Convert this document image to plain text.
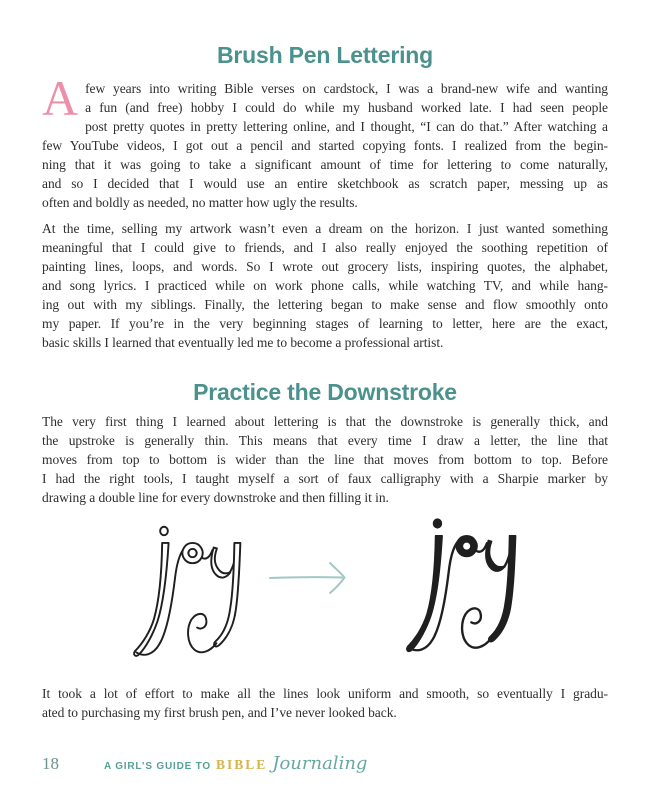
Brush Pen Lettering
A few years into writing Bible verses on cardstock, I was a brand-new wife and wanting
a fun (and free) hobby I could do while my husband worked late. I had seen people
post pretty quotes in pretty lettering online, and I thought, “I can do that.” After watching a
few YouTube videos, I got out a pencil and started copying fonts. I realized from the begin-
ning that it was going to take a significant amount of time for lettering to come naturally,
and so I decided that I would use an entire sketchbook as scratch paper, messing up as
often and boldly as needed, no matter how ugly the results.
At the time, selling my artwork wasn’t even a dream on the horizon. I just wanted something
meaningful that I could give to friends, and I also really enjoyed the soothing repetition of
painting lines, loops, and words. So I wrote out grocery lists, inspiring quotes, the alphabet,
and song lyrics. I practiced while on work phone calls, while watching TV, and while hang-
ing out with my siblings. Finally, the lettering began to make sense and flow smoothly onto
my paper. If you’re in the very beginning stages of learning to letter, here are the exact,
basic skills I learned that eventually led me to become a professional artist.
Practice the Downstroke
The very first thing I learned about lettering is that the downstroke is generally thick, and
the upstroke is generally thin. This means that every time I draw a letter, the line that
moves from top to bottom is wider than the line that moves from bottom to top. Before
I had the right tools, I taught myself a sort of faux calligraphy with a Sharpie marker by
drawing a double line for every downstroke and then filling it in.
It took a lot of effort to make all the lines look uniform and smooth, so eventually I gradu-
ated to purchasing my first brush pen, and I’ve never looked back.
18	A GIRL’S GUIDE TO BIBLE Journaling
